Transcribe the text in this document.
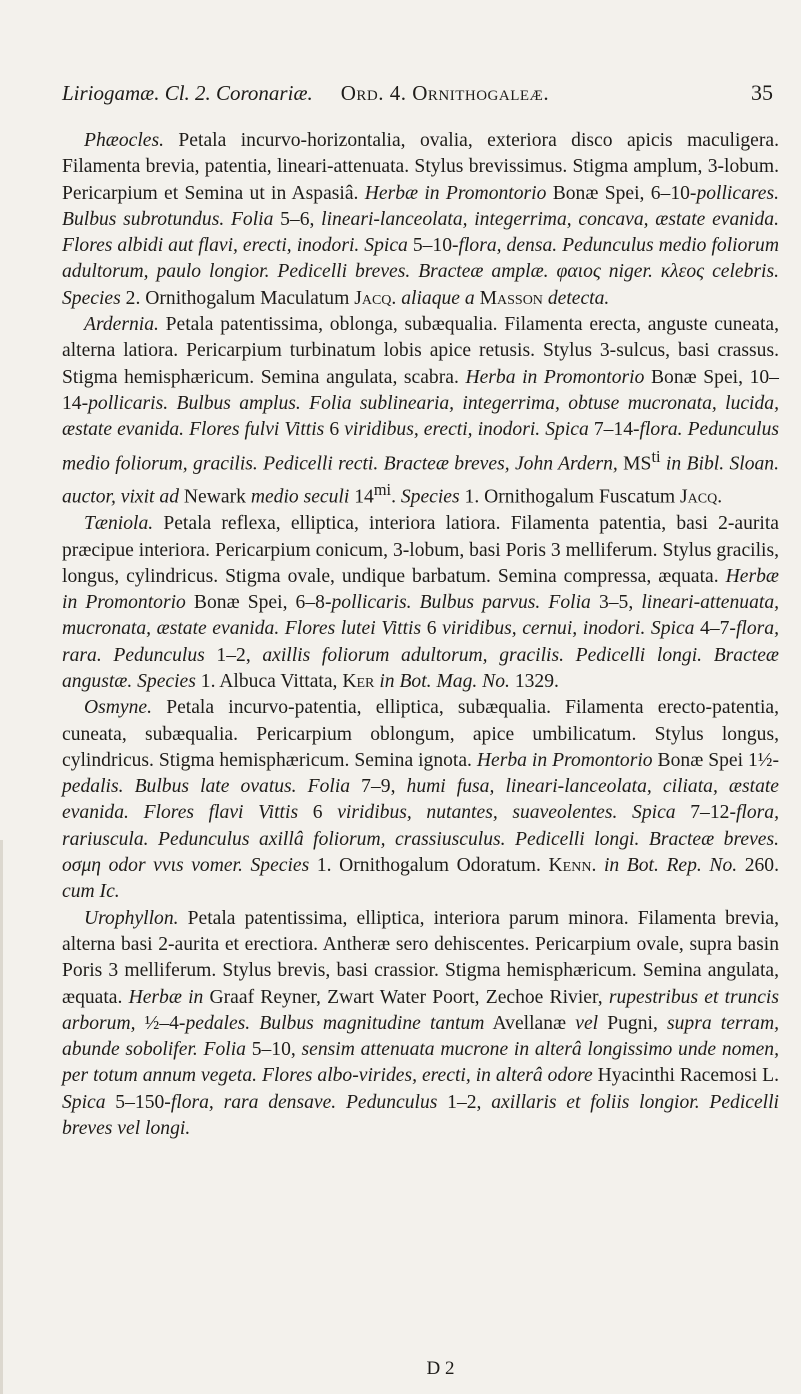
Liriogamæ. Cl. 2. Coronariæ. Ord. 4. Ornithogaleæ.	35

Phæocles. Petala incurvo-horizontalia, ovalia, exteriora disco apicis maculigera. Filamenta brevia, patentia, lineari-attenuata. Stylus brevissimus. Stigma amplum, 3-lobum. Pericarpium et Semina ut in Aspasiâ. Herbæ in Promontorio Bonæ Spei, 6–10-pollicares. Bulbus subrotundus. Folia 5–6, lineari-lanceolata, integerrima, concava, æstate evanida. Flores albidi aut flavi, erecti, inodori. Spica 5–10-flora, densa. Pedunculus medio foliorum adultorum, paulo longior. Pedicelli breves. Bracteæ amplæ. φαιος niger. κλεος celebris. Species 2. Ornithogalum Maculatum Jacq. aliaque a Masson detecta.

Ardernia. Petala patentissima, oblonga, subæqualia. Filamenta erecta, anguste cuneata, alterna latiora. Pericarpium turbinatum lobis apice retusis. Stylus 3-sulcus, basi crassus. Stigma hemisphæricum. Semina angulata, scabra. Herba in Promontorio Bonæ Spei, 10–14-pollicaris. Bulbus amplus. Folia sublinearia, integerrima, obtuse mucronata, lucida, æstate evanida. Flores fulvi Vittis 6 viridibus, erecti, inodori. Spica 7–14-flora. Pedunculus medio foliorum, gracilis. Pedicelli recti. Bracteæ breves, John Ardern, $MS^{ti}$ in Bibl. Sloan. auctor, vixit ad Newark medio seculi $14^{mi}$. Species 1. Ornithogalum Fuscatum Jacq.

Tæniola. Petala reflexa, elliptica, interiora latiora. Filamenta patentia, basi 2-aurita præcipue interiora. Pericarpium conicum, 3-lobum, basi Poris 3 melliferum. Stylus gracilis, longus, cylindricus. Stigma ovale, undique barbatum. Semina compressa, æquata. Herbæ in Promontorio Bonæ Spei, 6–8-pollicaris. Bulbus parvus. Folia 3–5, lineari-attenuata, mucronata, æstate evanida. Flores lutei Vittis 6 viridibus, cernui, inodori. Spica 4–7-flora, rara. Pedunculus 1–2, axillis foliorum adultorum, gracilis. Pedicelli longi. Bracteæ angustæ. Species 1. Albuca Vittata, Ker in Bot. Mag. No. 1329.

Osmyne. Petala incurvo-patentia, elliptica, subæqualia. Filamenta erecto-patentia, cuneata, subæqualia. Pericarpium oblongum, apice umbilicatum. Stylus longus, cylindricus. Stigma hemisphæricum. Semina ignota. Herba in Promontorio Bonæ Spei 1½-pedalis. Bulbus late ovatus. Folia 7–9, humi fusa, lineari-lanceolata, ciliata, æstate evanida. Flores flavi Vittis 6 viridibus, nutantes, suaveolentes. Spica 7–12-flora, rariuscula. Pedunculus axillâ foliorum, crassiusculus. Pedicelli longi. Bracteæ breves. οσμη odor vvιs vomer. Species 1. Ornithogalum Odoratum. Kenn. in Bot. Rep. No. 260. cum Ic.

Urophyllon. Petala patentissima, elliptica, interiora parum minora. Filamenta brevia, alterna basi 2-aurita et erectiora. Antheræ sero dehiscentes. Pericarpium ovale, supra basin Poris 3 melliferum. Stylus brevis, basi crassior. Stigma hemisphæricum. Semina angulata, æquata. Herbæ in Graaf Reyner, Zwart Water Poort, Zechoe Rivier, rupestribus et truncis arborum, ½–4-pedales. Bulbus magnitudine tantum Avellanæ vel Pugni, supra terram, abunde sobolifer. Folia 5–10, sensim attenuata mucrone in alterâ longissimo unde nomen, per totum annum vegeta. Flores albo-virides, erecti, in alterâ odore Hyacinthi Racemosi L. Spica 5–150-flora, rara densave. Pedunculus 1–2, axillaris et foliis longior. Pedicelli breves vel longi.

D 2
